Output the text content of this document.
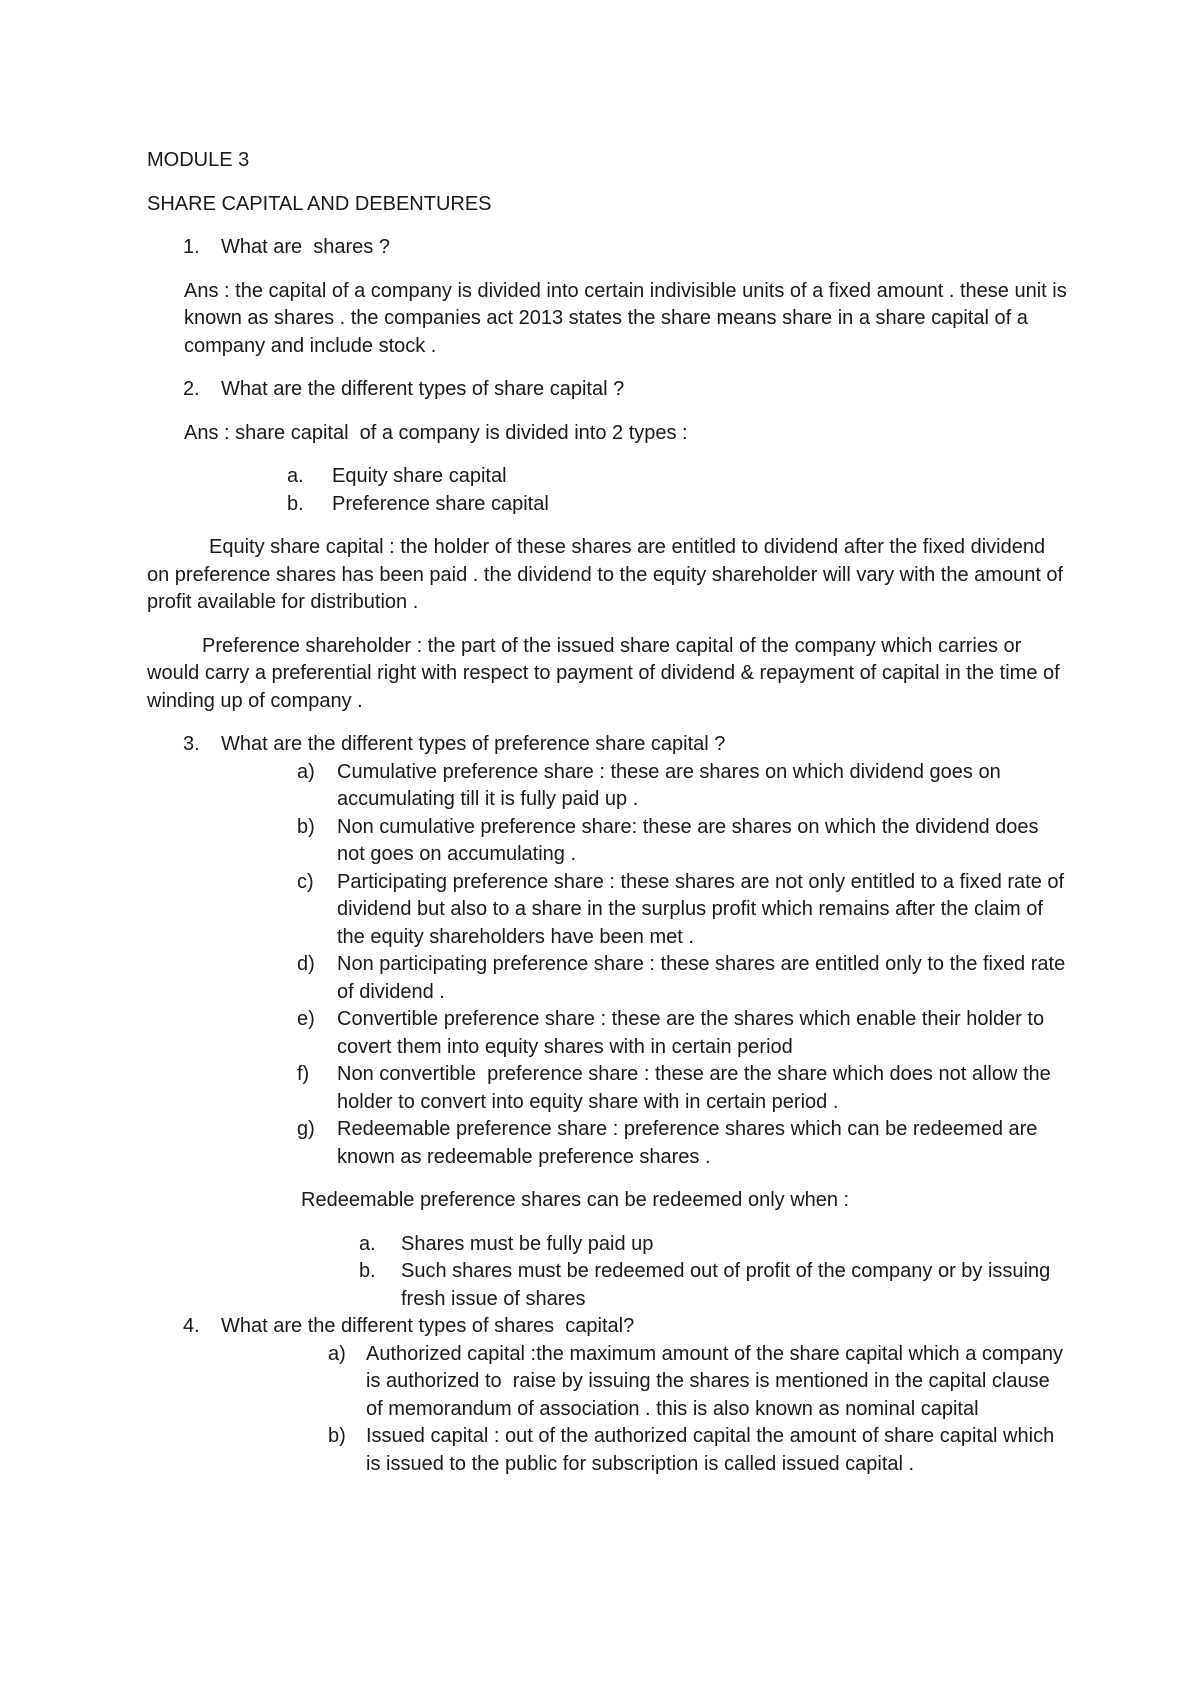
MODULE 3

SHARE CAPITAL AND DEBENTURES

1. What are  shares ?

Ans : the capital of a company is divided into certain indivisible units of a fixed amount . these unit is known as shares . the companies act 2013 states the share means share in a share capital of a company and include stock .

2. What are the different types of share capital ?

Ans : share capital  of a company is divided into 2 types :

a. Equity share capital
b. Preference share capital

Equity share capital : the holder of these shares are entitled to dividend after the fixed dividend on preference shares has been paid . the dividend to the equity shareholder will vary with the amount of profit available for distribution .

Preference shareholder : the part of the issued share capital of the company which carries or would carry a preferential right with respect to payment of dividend & repayment of capital in the time of winding up of company .

3. What are the different types of preference share capital ?
a) Cumulative preference share : these are shares on which dividend goes on accumulating till it is fully paid up .
b) Non cumulative preference share: these are shares on which the dividend does not goes on accumulating .
c) Participating preference share : these shares are not only entitled to a fixed rate of dividend but also to a share in the surplus profit which remains after the claim of the equity shareholders have been met .
d) Non participating preference share : these shares are entitled only to the fixed rate of dividend .
e) Convertible preference share : these are the shares which enable their holder to covert them into equity shares with in certain period
f) Non convertible  preference share : these are the share which does not allow the holder to convert into equity share with in certain period .
g) Redeemable preference share : preference shares which can be redeemed are known as redeemable preference shares .

Redeemable preference shares can be redeemed only when :

a. Shares must be fully paid up
b. Such shares must be redeemed out of profit of the company or by issuing fresh issue of shares
4. What are the different types of shares  capital?
a) Authorized capital :the maximum amount of the share capital which a company is authorized to  raise by issuing the shares is mentioned in the capital clause of memorandum of association . this is also known as nominal capital
b) Issued capital : out of the authorized capital the amount of share capital which is issued to the public for subscription is called issued capital .
